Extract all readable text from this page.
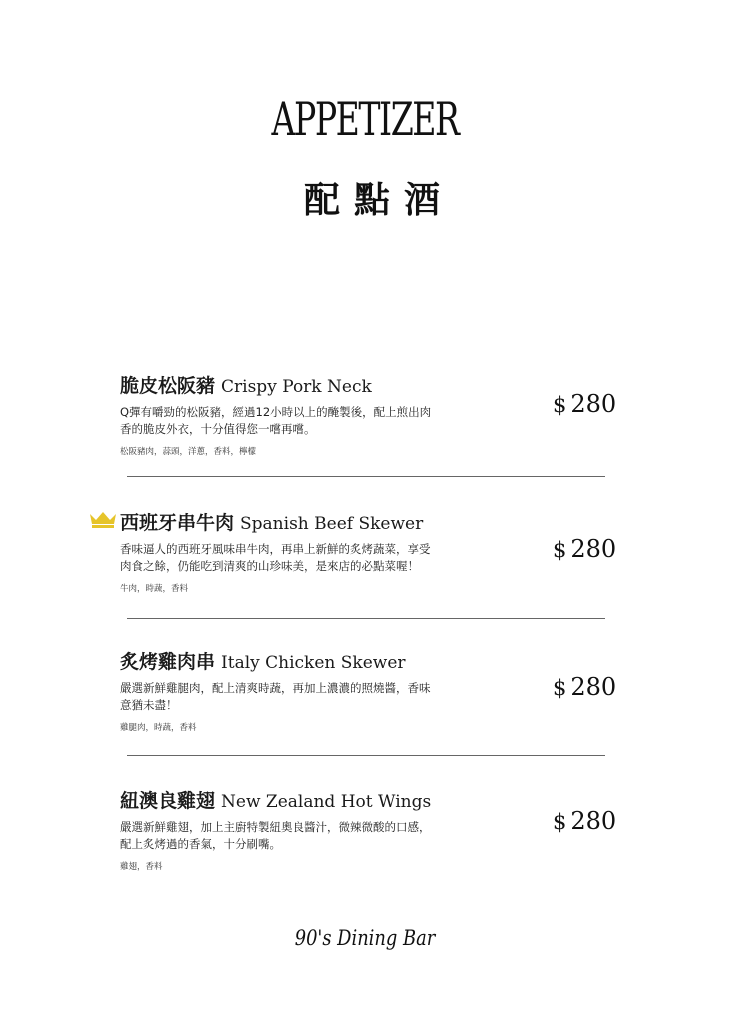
APPETIZER
配點酒
脆皮松阪豬 Crispy Pork Neck
Q彈有嚼勁的松阪豬，經過12小時以上的醃製後，配上煎出肉
香的脆皮外衣，十分值得您一嚐再嚐。
松阪豬肉，蒜頭，洋蔥，香料，檸檬
$ 280
西班牙串牛肉 Spanish Beef Skewer
香味逼人的西班牙風味串牛肉，再串上新鮮的炙烤蔬菜，享受
肉食之餘，仍能吃到清爽的山珍味美，是來店的必點菜喔！
牛肉，時蔬，香料
$ 280
炙烤雞肉串 Italy Chicken Skewer
嚴選新鮮雞腿肉，配上清爽時蔬，再加上濃濃的照燒醬，香味
意猶未盡！
雞腿肉，時蔬，香料
$ 280
紐澳良雞翅 New Zealand Hot Wings
嚴選新鮮雞翅，加上主廚特製紐奧良醬汁，微辣微酸的口感，
配上炙烤過的香氣，十分刷嘴。
雞翅，香料
$ 280
90's Dining Bar
